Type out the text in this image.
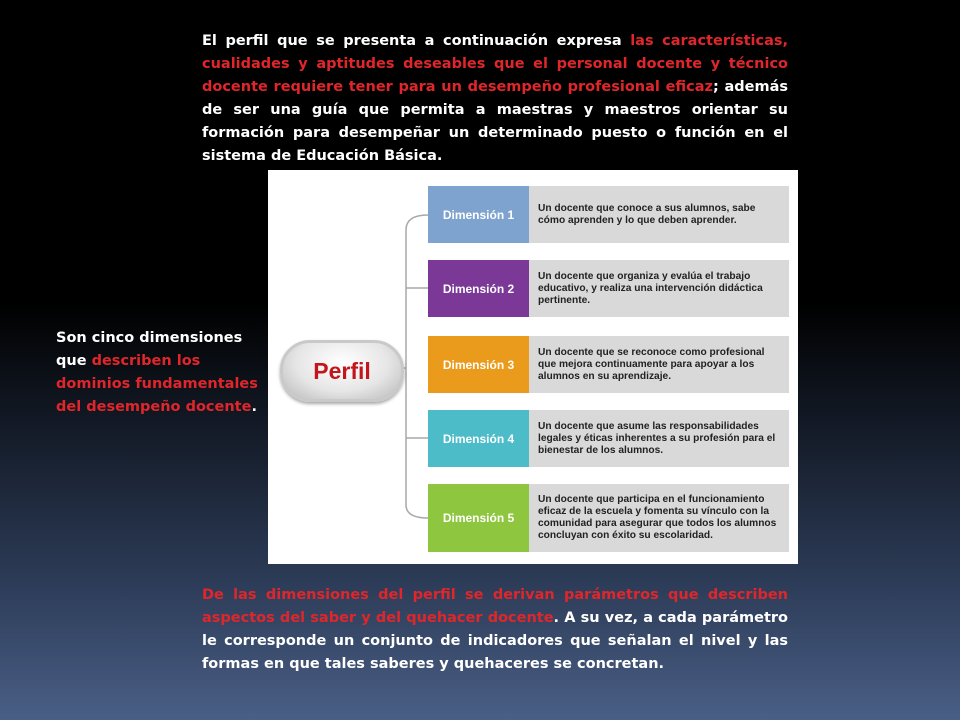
El perfil que se presenta a continuación expresa las características, cualidades y aptitudes deseables que el personal docente y técnico docente requiere tener para un desempeño profesional eficaz; además de ser una guía que permita a maestras y maestros orientar su formación para desempeñar un determinado puesto o función en el sistema de Educación Básica.
Son cinco dimensiones que describen los dominios fundamentales del desempeño docente.
Perfil
Dimensión 1	Un docente que conoce a sus alumnos, sabe cómo aprenden y lo que deben aprender.
Dimensión 2
Un docente que organiza y evalúa el trabajo educativo, y realiza una intervención didáctica pertinente.
Dimensión 3
Un docente que se reconoce como profesional que mejora continuamente para apoyar a los alumnos en su aprendizaje.
Dimensión 4
Un docente que asume las responsabilidades legales y éticas inherentes a su profesión para el bienestar de los alumnos.
Dimensión 5
Un docente que participa en el funcionamiento eficaz de la escuela y fomenta su vínculo con la comunidad para asegurar que todos los alumnos concluyan con éxito su escolaridad.
De las dimensiones del perfil se derivan parámetros que describen aspectos del saber y del quehacer docente. A su vez, a cada parámetro le corresponde un conjunto de indicadores que señalan el nivel y las formas en que tales saberes y quehaceres se concretan.
